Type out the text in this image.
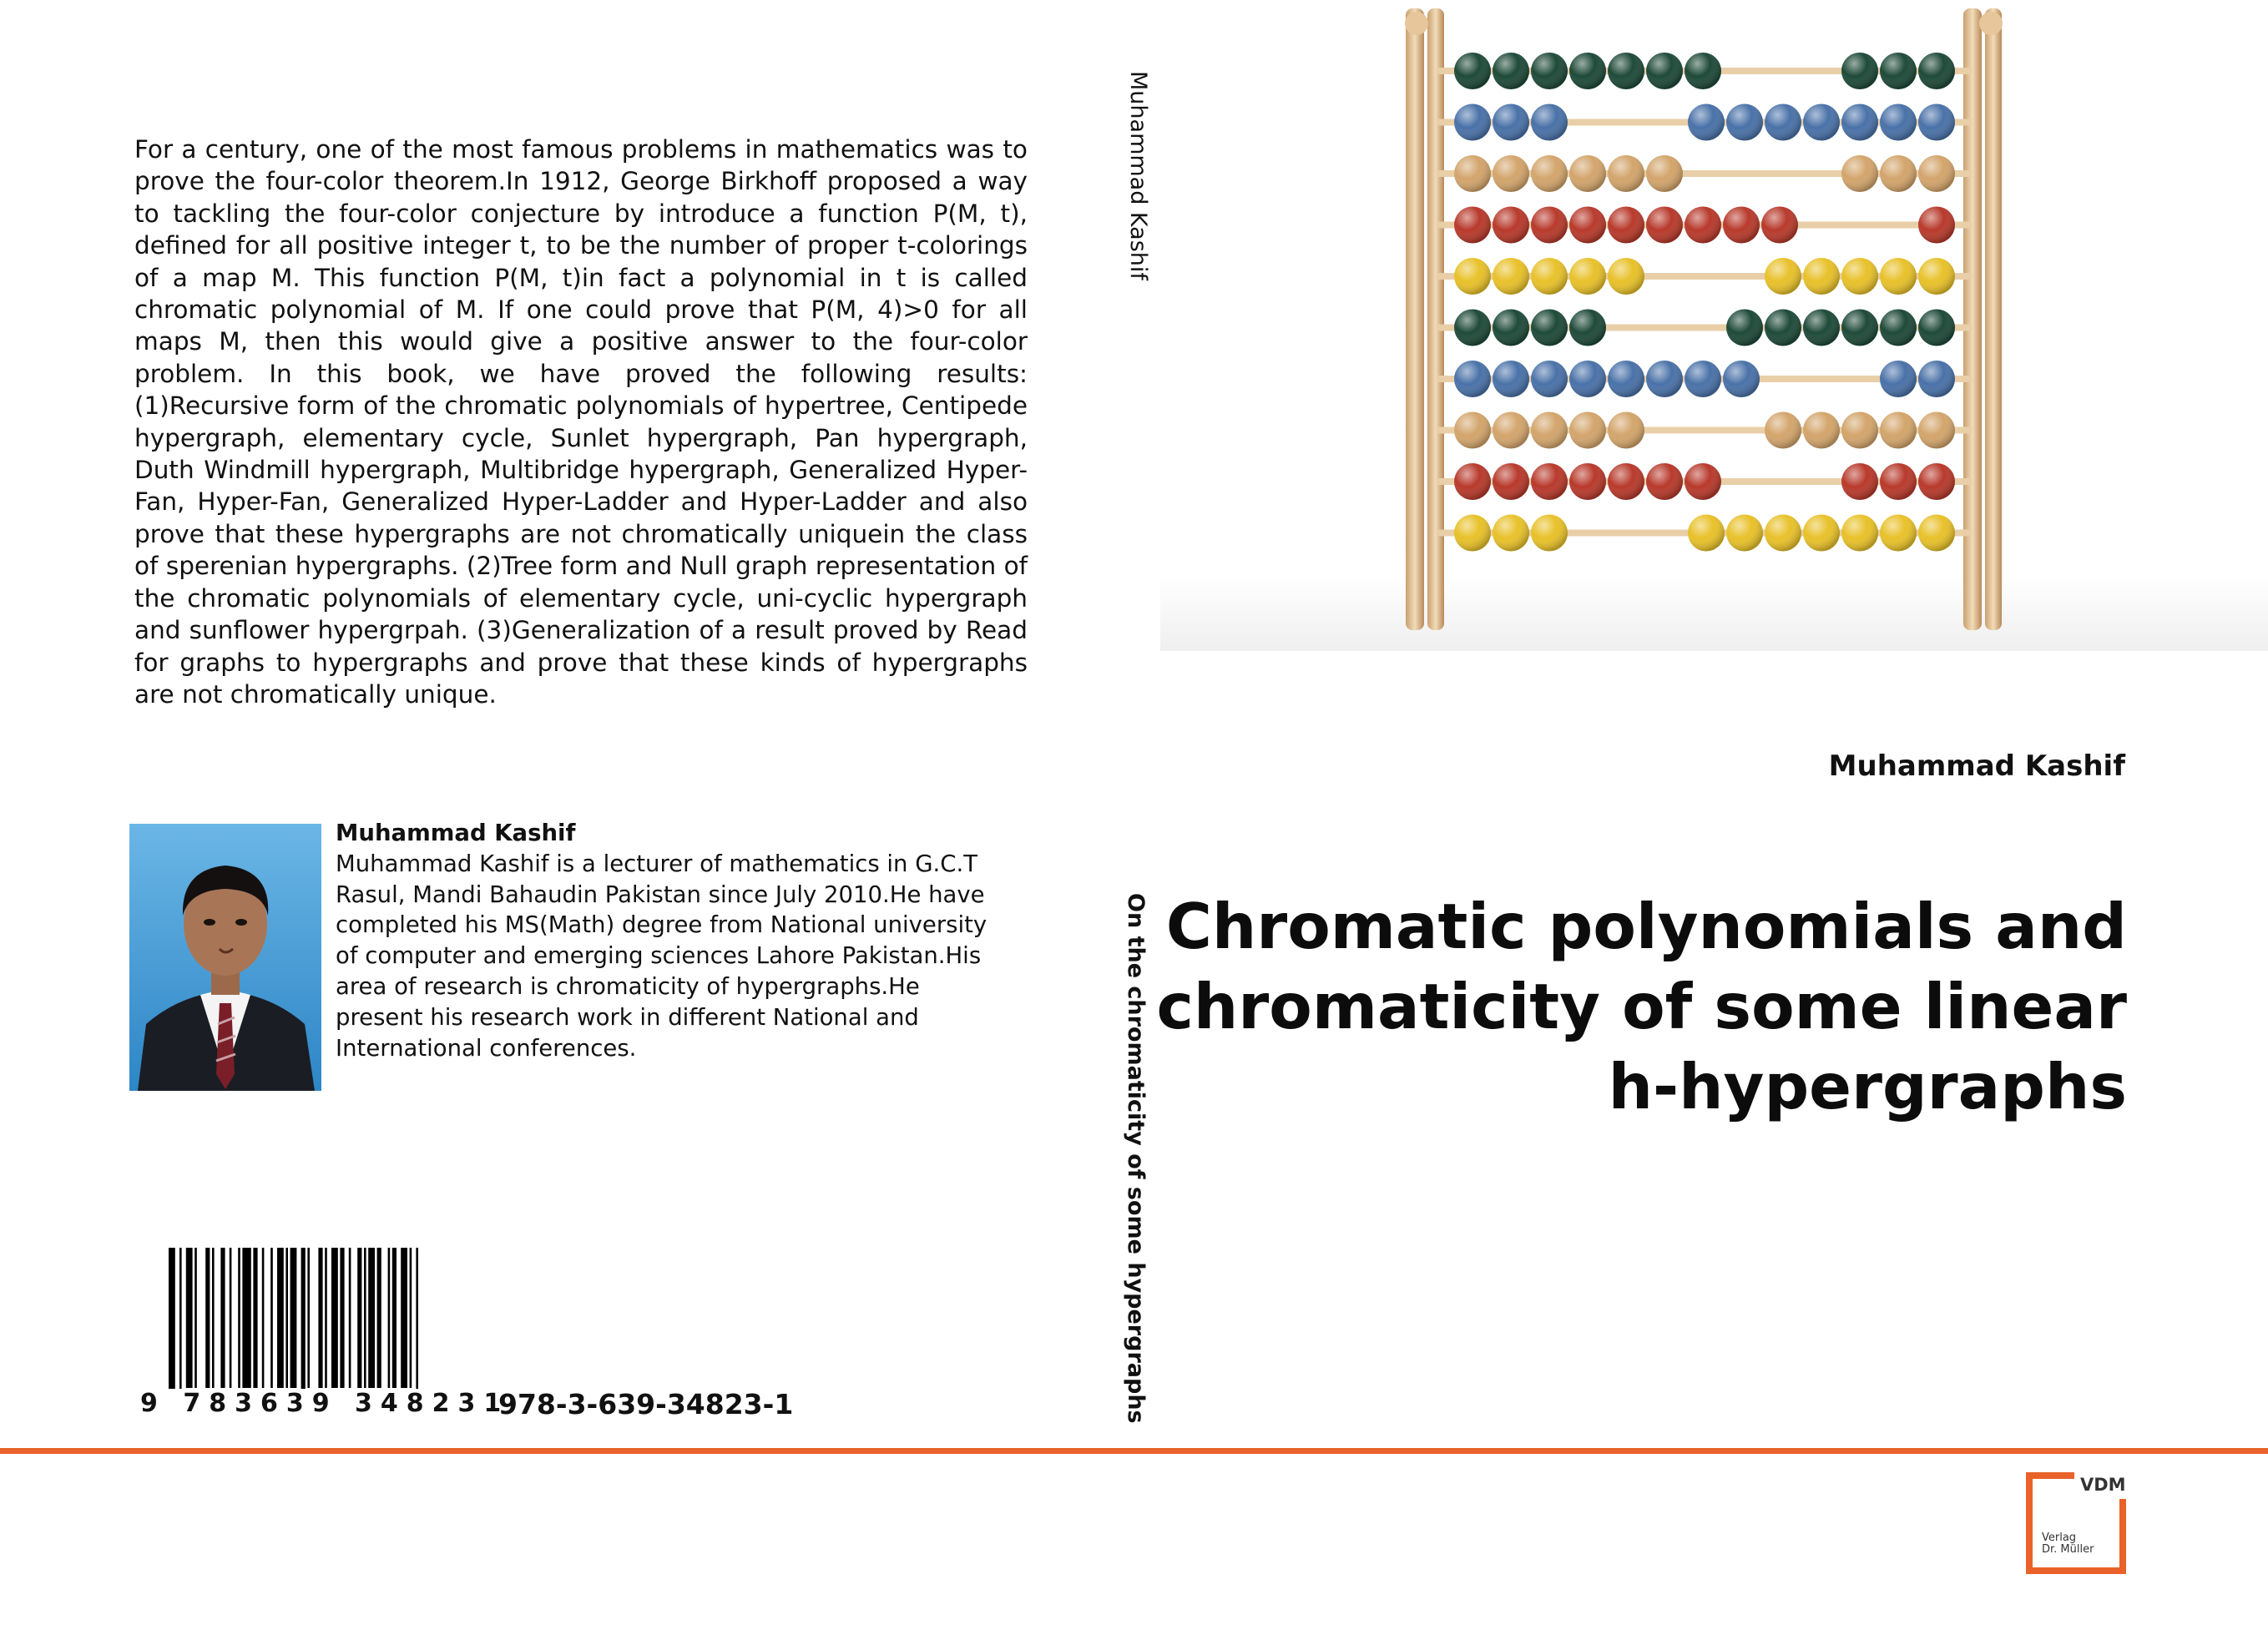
For a century, one of the most famous problems in mathematics was to prove the four-color theorem.In 1912, George Birkhoff proposed a way to tackling the four-color conjecture by introduce a function P(M, t), defined for all positive integer t, to be the number of proper t-colorings of a map M. This function P(M, t)in fact a polynomial in t is called chromatic polynomial of M. If one could prove that P(M, 4)>0 for all maps M, then this would give a positive answer to the four-color problem. In this book, we have proved the following results: (1)Recursive form of the chromatic polynomials of hypertree, Centipede hypergraph, elementary cycle, Sunlet hypergraph, Pan hypergraph, Duth Windmill hypergraph, Multibridge hypergraph, Generalized Hyper-Fan, Hyper-Fan, Generalized Hyper-Ladder and Hyper-Ladder and also prove that these hypergraphs are not chromatically uniquein the class of sperenian hypergraphs. (2)Tree form and Null graph representation of the chromatic polynomials of elementary cycle, uni-cyclic hypergraph and sunflower hypergrpah. (3)Generalization of a result proved by Read for graphs to hypergraphs and prove that these kinds of hypergraphs are not chromatically unique.
Muhammad Kashif
On the chromaticity of some hypergraphs
Muhammad Kashif
Chromatic polynomials and
chromaticity of some linear
h-hypergraphs
Muhammad Kashif
Muhammad Kashif is a lecturer of mathematics in G.C.T Rasul, Mandi Bahaudin Pakistan since July 2010.He have completed his MS(Math) degree from National university of computer and emerging sciences Lahore Pakistan.His area of research is chromaticity of hypergraphs.He present his research work in different National and International conferences.
9 783639 348231
978-3-639-34823-1
VDM
Verlag
Dr. Müller
